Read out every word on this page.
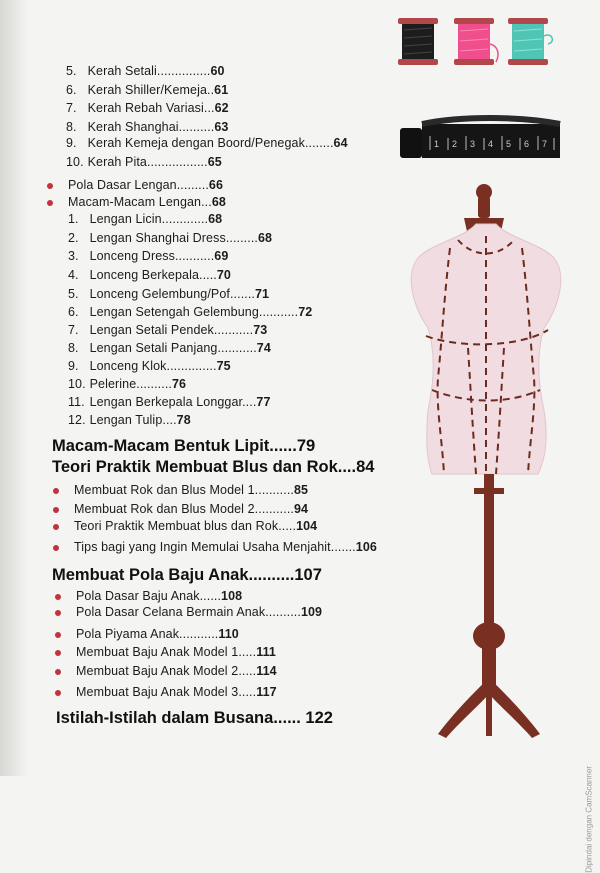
1 2 3 4 5 6 7
5. Kerah Setali...............60
6. Kerah Shiller/Kemeja..61
7. Kerah Rebah Variasi...62
8. Kerah Shanghai..........63
9. Kerah Kemeja dengan Boord/Penegak........64
10. Kerah Pita.................65
Pola Dasar Lengan.........66
Macam-Macam Lengan...68
1. Lengan Licin.............68
2. Lengan Shanghai Dress.........68
3. Lonceng Dress...........69
4. Lonceng Berkepala.....70
5. Lonceng Gelembung/Pof.......71
6. Lengan Setengah Gelembung...........72
7. Lengan Setali Pendek...........73
8. Lengan Setali Panjang...........74
9. Lonceng Klok..............75
10. Pelerine..........76
11. Lengan Berkepala Longgar....77
12. Lengan Tulip....78
Macam-Macam Bentuk Lipit......79
Teori Praktik Membuat Blus dan Rok....84
Membuat Rok dan Blus Model 1...........85
Membuat Rok dan Blus Model 2...........94
Teori Praktik Membuat blus dan Rok.....104
Tips bagi yang Ingin Memulai Usaha Menjahit.......106
Membuat Pola Baju Anak..........107
Pola Dasar Baju Anak......108
Pola Dasar Celana Bermain Anak..........109
Pola Piyama Anak...........110
Membuat Baju Anak Model 1.....111
Membuat Baju Anak Model 2.....114
Membuat Baju Anak Model 3.....117
Istilah-Istilah dalam Busana...... 122
Dipindai dengan CamScanner
